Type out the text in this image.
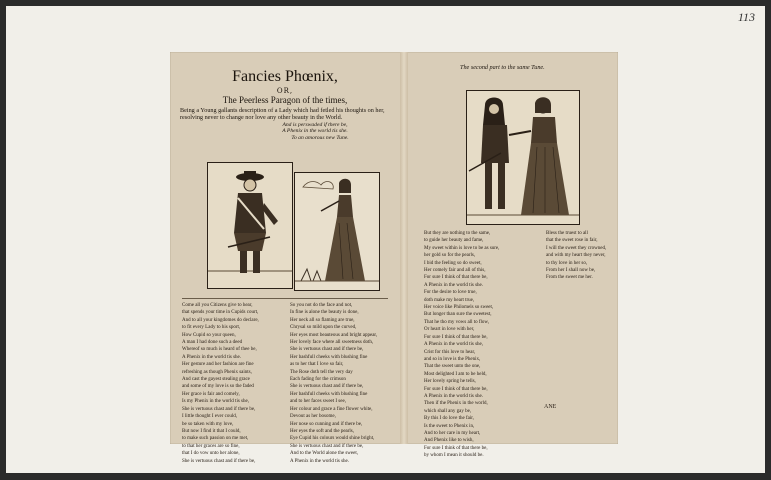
113
Fancies Phœnix,
OR,
The Peerless Paragon of the times,
Being a Young gallants description of a Lady which had fetled his thoughts on her, resolving never to change nor love any other beauty in the World.
And is perswaded if there be,
A Phenix in the world tis she.
To an amorous new Tune.
The second part to the same Tune.
Come all you Citizens give to hear,
that spends your time in Cupids court,
And to all your kingdomes do declare,
to fit every Lady to his sport,
How Cupid so your queen,
A man I had done such a deed
Whereof so much is heard of thee be,
A Phenix in the world tis she.
Her gesture and her fashion are fine
refreshing as though Phenix saints,
And cast the gayest stealing grace
and some of my love is so the faded
Her grace is fair and comely,
Is my Phenix in the world tis she,
She is vertuous chast and if there be,
I little thought I ever could,
be so taken with my love,
But now I find it that I could,
to make such passion on me met,
to that her graces are so fine,
that I do vow unto her alone,
She is vertuous chast and if there be,
So you not do the face and not,
In fine is alone the beauty is done,
Her neck all so flaming are true,
Chrysal so mild upon the curved,
Her eyes most beauteous and bright appear,
Her lovely face where all sweetness doth,
She is vertuous chast and if there be,
Her bashfull cheeks with blushing fine
as to her that I love so fair,
The Rose doth tell the very day
Each fading for the crimson
She is vertuous chast and if there be,
Her bashfull cheeks with blushing fine
and to her faces sweet I see,
Her colour and grace a fine flower white,
Devout as her bosome,
Her nose so cunning and if there be,
Her eyes the soft and the pearls,
Eye Cupid his colours would shine bright,
She is vertuous chast and if there be,
And to the World alone the sweet,
A Phenix in the world tis she.
But they are nothing to the same,
to guide her beauty and fame,
My sweet within is love to be as sure,
her gold so for the pearls,
I bid the feeling so do sweet,
Her comely fair and all of this,
For sure I think of that there be,
A Phenix in the world tis she.
For the desire to love true,
doth make my heart true,
Her voice like Philomels so sweet,
But longer than sure the sweetest,
That he tho my vows all to flow,
Or heart in love with her,
For sure I think of that there be,
A Phenix in the world tis she,
Crist for this love to hear,
and so in love is the Phenix,
That the sweet unto the one,
Most delighted I am to be held,
Her lovely spring he tells,
For sure I think of that there be,
A Phenix in the world tis she.
Then if the Phenix in the world,
which shall any gay be,
By this I do love the fair,
Is the sweet to Phenix in,
And to her care in my heart,
And Phenix like to wish,
For sure I think of that there be,
by whom I mean it should be.
Bless the truest to all
that the sweet rose in fair,
I will the sweet they crowned,
and with my heart they never,
to thy love in her so,
From her I shall now be,
From the sweet me her.
ANE
